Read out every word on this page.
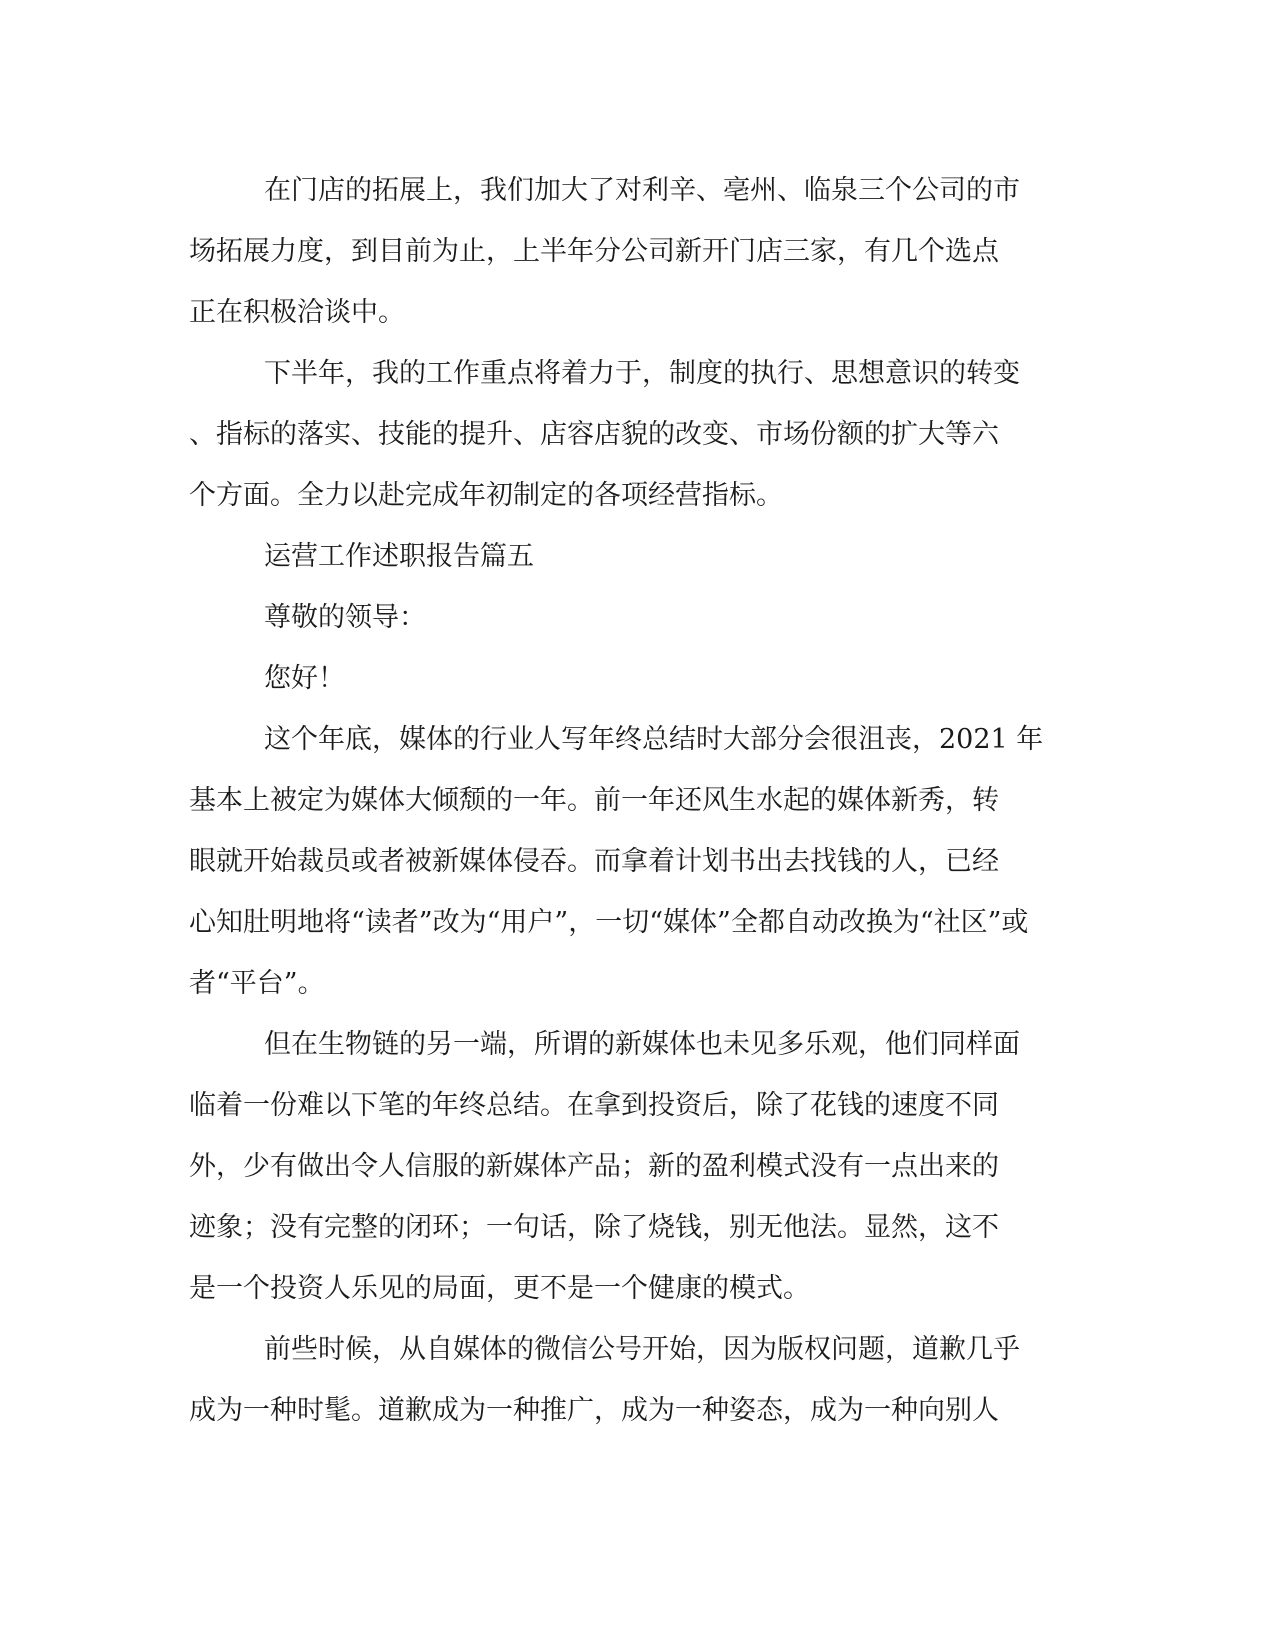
在门店的拓展上，我们加大了对利辛、亳州、临泉三个公司的市
场拓展力度，到目前为止，上半年分公司新开门店三家，有几个选点
正在积极洽谈中。
下半年，我的工作重点将着力于，制度的执行、思想意识的转变
、指标的落实、技能的提升、店容店貌的改变、市场份额的扩大等六
个方面。全力以赴完成年初制定的各项经营指标。
运营工作述职报告篇五
尊敬的领导：
您好！
这个年底，媒体的行业人写年终总结时大部分会很沮丧，2021 年
基本上被定为媒体大倾颓的一年。前一年还风生水起的媒体新秀，转
眼就开始裁员或者被新媒体侵吞。而拿着计划书出去找钱的人，已经
心知肚明地将“读者”改为“用户”，一切“媒体”全都自动改换为“社区”或
者“平台”。
但在生物链的另一端，所谓的新媒体也未见多乐观，他们同样面
临着一份难以下笔的年终总结。在拿到投资后，除了花钱的速度不同
外，少有做出令人信服的新媒体产品；新的盈利模式没有一点出来的
迹象；没有完整的闭环；一句话，除了烧钱，别无他法。显然，这不
是一个投资人乐见的局面，更不是一个健康的模式。
前些时候，从自媒体的微信公号开始，因为版权问题，道歉几乎
成为一种时髦。道歉成为一种推广，成为一种姿态，成为一种向别人
